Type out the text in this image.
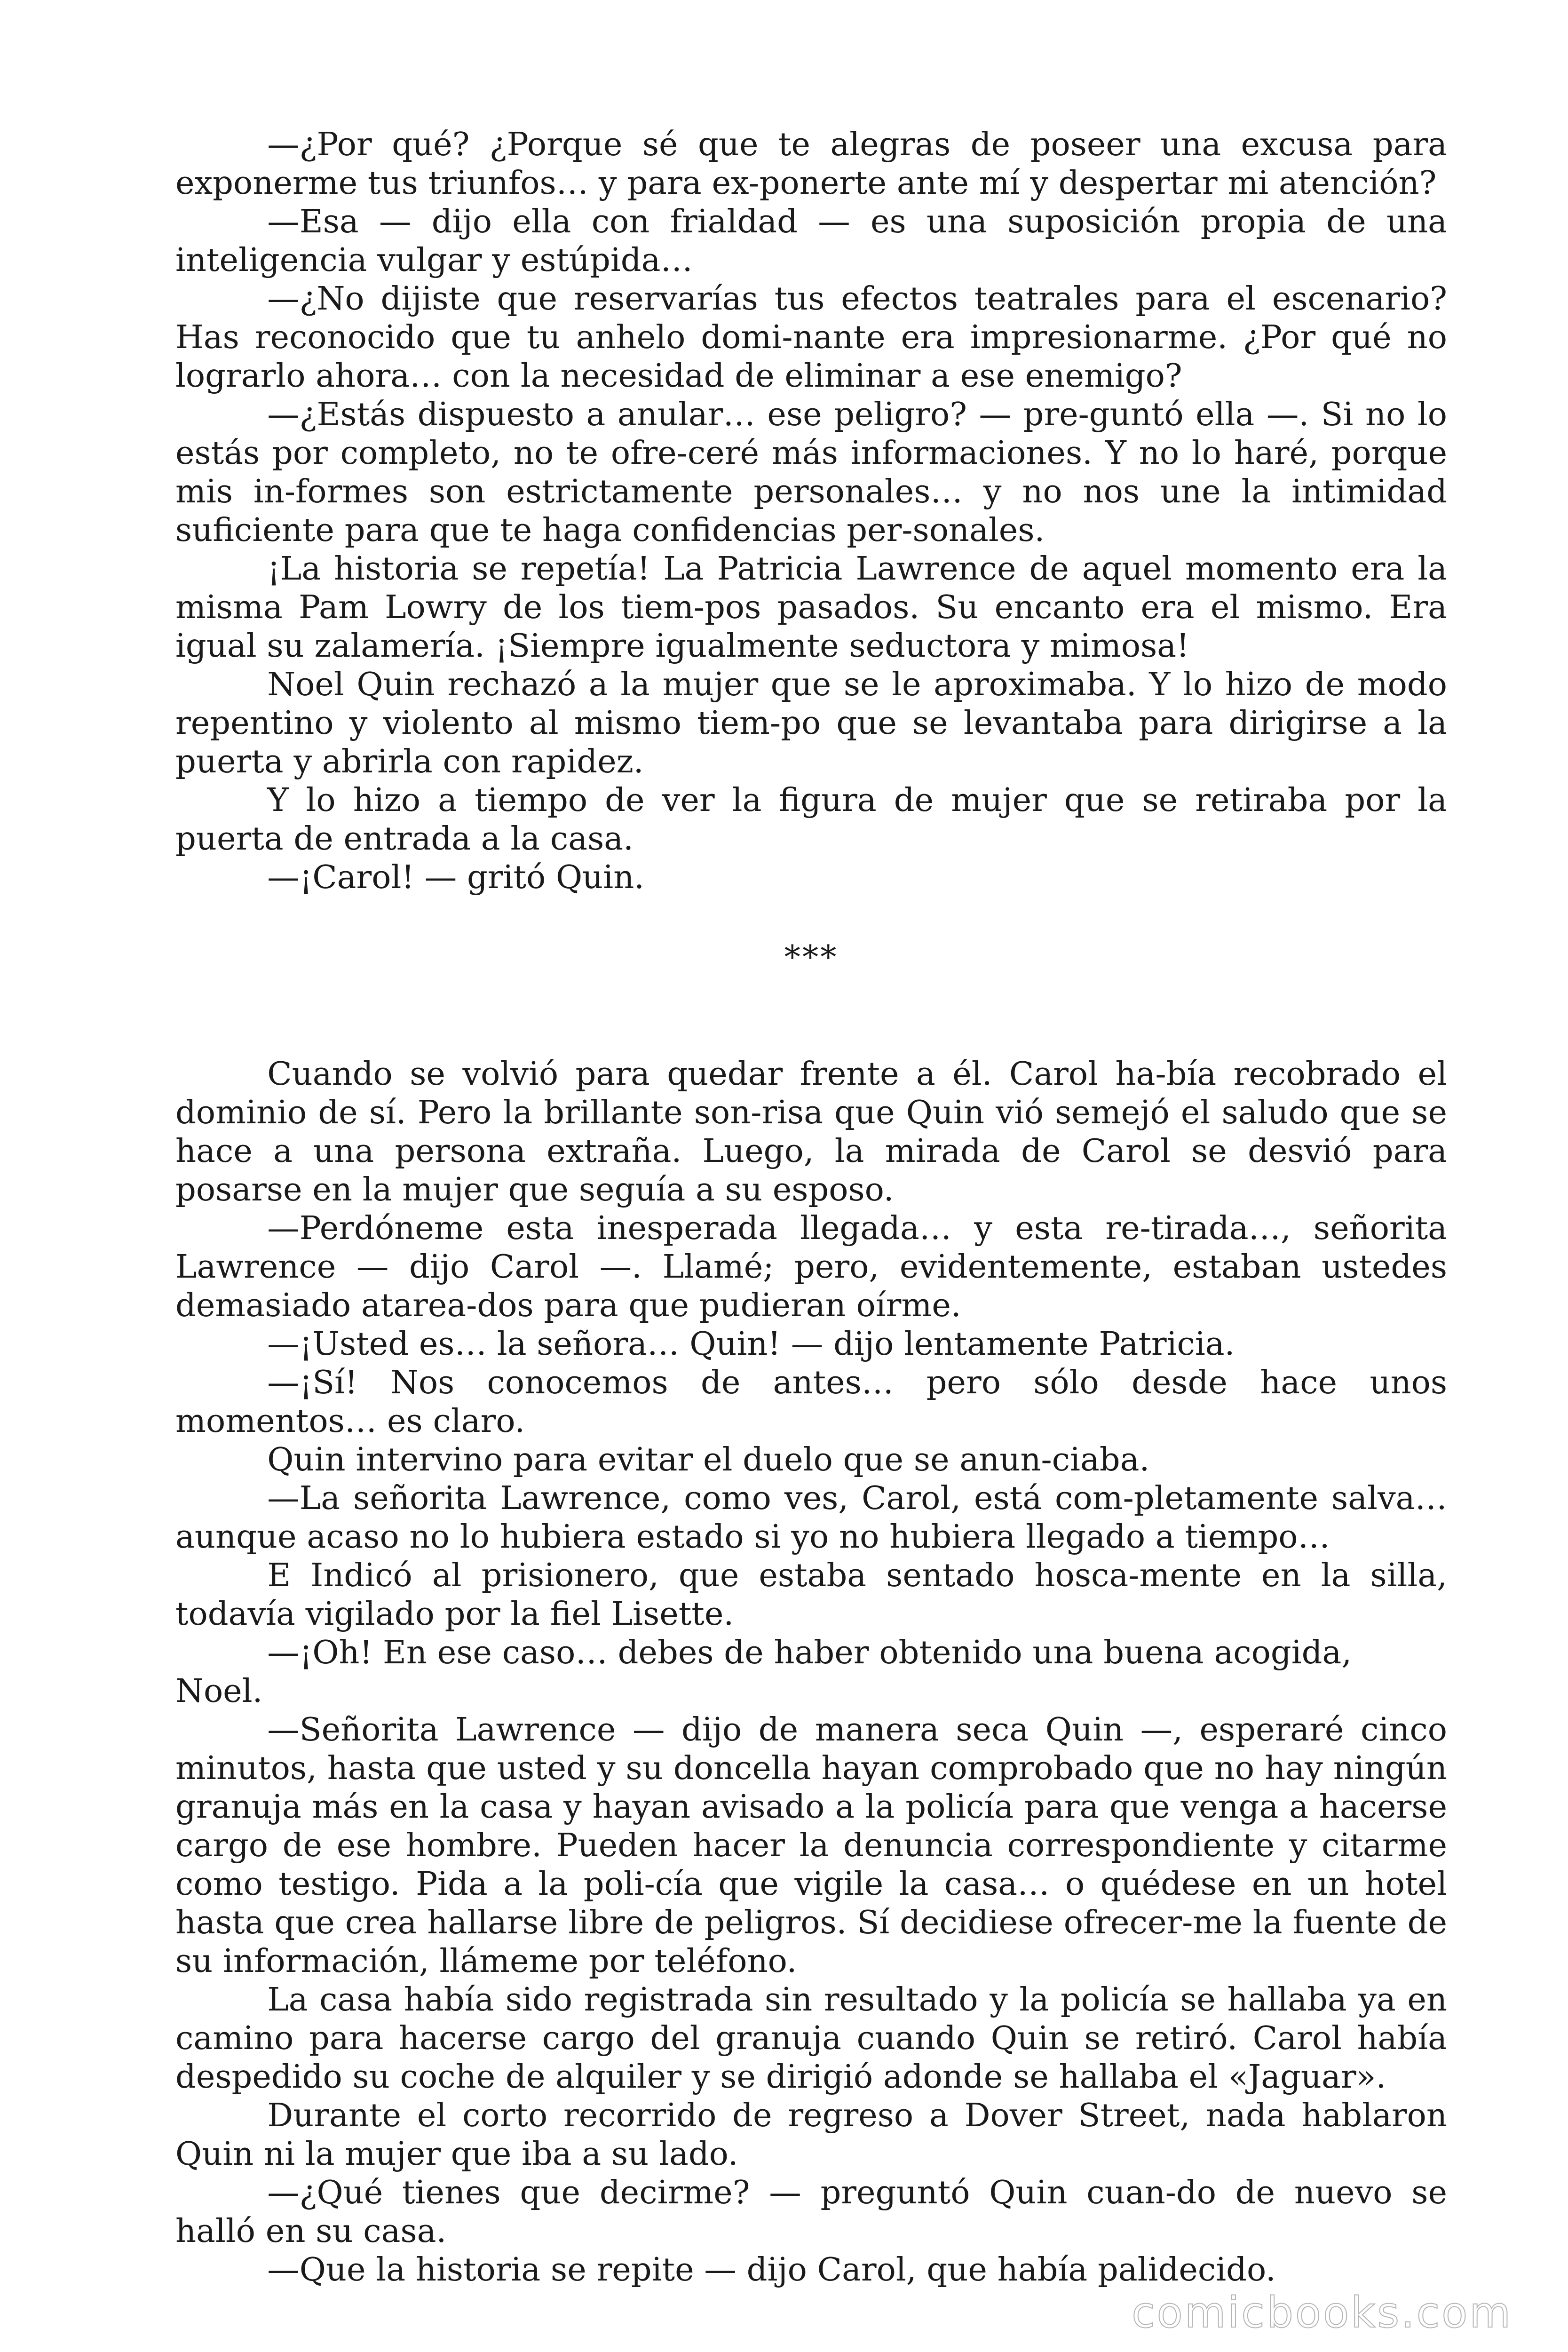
—¿Por qué? ¿Porque sé que te alegras de poseer una excusa para exponerme tus triunfos… y para ex-ponerte ante mí y despertar mi atención?

—Esa — dijo ella con frialdad — es una suposición propia de una inteligencia vulgar y estúpida…

—¿No dijiste que reservarías tus efectos teatrales para el escenario? Has reconocido que tu anhelo domi-nante era impresionarme. ¿Por qué no lograrlo ahora… con la necesidad de eliminar a ese enemigo?

—¿Estás dispuesto a anular… ese peligro? — pre-guntó ella —. Si no lo estás por completo, no te ofre-ceré más informaciones. Y no lo haré, porque mis in-formes son estrictamente personales… y no nos une la intimidad suficiente para que te haga confidencias per-sonales.

¡La historia se repetía! La Patricia Lawrence de aquel momento era la misma Pam Lowry de los tiem-pos pasados. Su encanto era el mismo. Era igual su zalamería. ¡Siempre igualmente seductora y mimosa!

Noel Quin rechazó a la mujer que se le aproximaba. Y lo hizo de modo repentino y violento al mismo tiem-po que se levantaba para dirigirse a la puerta y abrirla con rapidez.

Y lo hizo a tiempo de ver la figura de mujer que se retiraba por la puerta de entrada a la casa.

—¡Carol! — gritó Quin.

***

Cuando se volvió para quedar frente a él. Carol ha-bía recobrado el dominio de sí. Pero la brillante son-risa que Quin vió semejó el saludo que se hace a una persona extraña. Luego, la mirada de Carol se desvió para posarse en la mujer que seguía a su esposo.

—Perdóneme esta inesperada llegada… y esta re-tirada…, señorita Lawrence — dijo Carol —. Llamé; pero, evidentemente, estaban ustedes demasiado atarea-dos para que pudieran oírme.

—¡Usted es… la señora… Quin! — dijo lentamente Patricia.

—¡Sí! Nos conocemos de antes… pero sólo desde hace unos momentos… es claro.

Quin intervino para evitar el duelo que se anun-ciaba.

—La señorita Lawrence, como ves, Carol, está com-pletamente salva… aunque acaso no lo hubiera estado si yo no hubiera llegado a tiempo…

E Indicó al prisionero, que estaba sentado hosca-mente en la silla, todavía vigilado por la fiel Lisette.

—¡Oh! En ese caso… debes de haber obtenido una buena acogida, Noel.

—Señorita Lawrence — dijo de manera seca Quin —, esperaré cinco minutos, hasta que usted y su doncella hayan comprobado que no hay ningún granuja más en la casa y hayan avisado a la policía para que venga a hacerse cargo de ese hombre. Pueden hacer la denuncia correspondiente y citarme como testigo. Pida a la poli-cía que vigile la casa… o quédese en un hotel hasta que crea hallarse libre de peligros. Sí decidiese ofrecer-me la fuente de su información, llámeme por teléfono.

La casa había sido registrada sin resultado y la policía se hallaba ya en camino para hacerse cargo del granuja cuando Quin se retiró. Carol había despedido su coche de alquiler y se dirigió adonde se hallaba el «Jaguar».

Durante el corto recorrido de regreso a Dover Street, nada hablaron Quin ni la mujer que iba a su lado.

—¿Qué tienes que decirme? — preguntó Quin cuan-do de nuevo se halló en su casa.

—Que la historia se repite — dijo Carol, que había palidecido.

comicbooks.com
